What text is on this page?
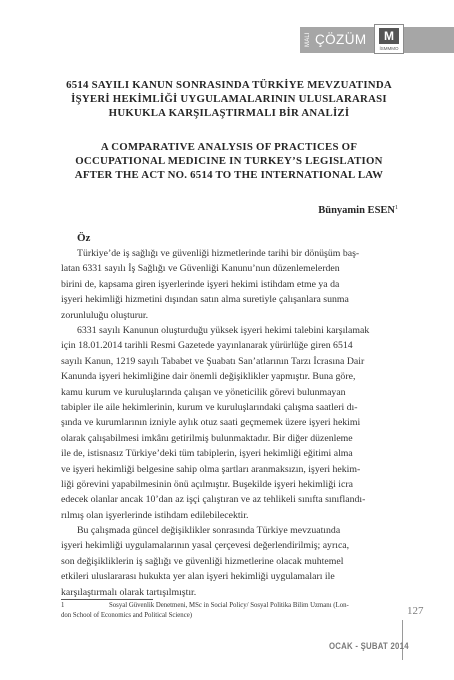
MALİ ÇÖZÜM	M
İSMMMO
6514 SAYILI KANUN SONRASINDA TÜRKİYE MEVZUATINDA
İŞYERİ HEKİMLİĞİ UYGULAMALARININ ULUSLARARASI
HUKUKLA KARŞILAŞTIRMALI BİR ANALİZİ
A COMPARATIVE ANALYSIS OF PRACTICES OF
OCCUPATIONAL MEDICINE IN TURKEY’S LEGISLATION
AFTER THE ACT NO. 6514 TO THE INTERNATIONAL LAW
Bünyamin ESEN$^1$
Öz
Türkiye’de iş sağlığı ve güvenliği hizmetlerinde tarihi bir dönüşüm baş-
latan 6331 sayılı İş Sağlığı ve Güvenliği Kanunu’nun düzenlemelerden
birini de, kapsama giren işyerlerinde işyeri hekimi istihdam etme ya da
işyeri hekimliği hizmetini dışından satın alma suretiyle çalışanlara sunma
zorunluluğu oluşturur.
6331 sayılı Kanunun oluşturduğu yüksek işyeri hekimi talebini karşılamak
için 18.01.2014 tarihli Resmi Gazetede yayınlanarak yürürlüğe giren 6514
sayılı Kanun, 1219 sayılı Tababet ve Şuabatı San’atlarının Tarzı İcrasına Dair
Kanunda işyeri hekimliğine dair önemli değişiklikler yapmıştır. Buna göre,
kamu kurum ve kuruluşlarında çalışan ve yöneticilik görevi bulunmayan
tabipler ile aile hekimlerinin, kurum ve kuruluşlarındaki çalışma saatleri dı-
şında ve kurumlarının izniyle aylık otuz saati geçmemek üzere işyeri hekimi
olarak çalışabilmesi imkânı getirilmiş bulunmaktadır. Bir diğer düzenleme
ile de, istisnasız Türkiye’deki tüm tabiplerin, işyeri hekimliği eğitimi alma
ve işyeri hekimliği belgesine sahip olma şartları aranmaksızın, işyeri hekim-
liği görevini yapabilmesinin önü açılmıştır. Buşekilde işyeri hekimliği icra
edecek olanlar ancak 10’dan az işçi çalıştıran ve az tehlikeli sınıfta sınıflandı-
rılmış olan işyerlerinde istihdam edilebilecektir.
Bu çalışmada güncel değişiklikler sonrasında Türkiye mevzuatında
işyeri hekimliği uygulamalarının yasal çerçevesi değerlendirilmiş; ayrıca,
son değişikliklerin iş sağlığı ve güvenliği hizmetlerine olacak muhtemel
etkileri uluslararası hukukta yer alan işyeri hekimliği uygulamaları ile
karşılaştırmalı olarak tartışılmıştır.
1	Sosyal Güvenlik Denetmeni, MSc in Social Policy/ Sosyal Politika Bilim Uzmanı (Lon-
don School of Economics and Political Science)	127
OCAK - ŞUBAT 2014
